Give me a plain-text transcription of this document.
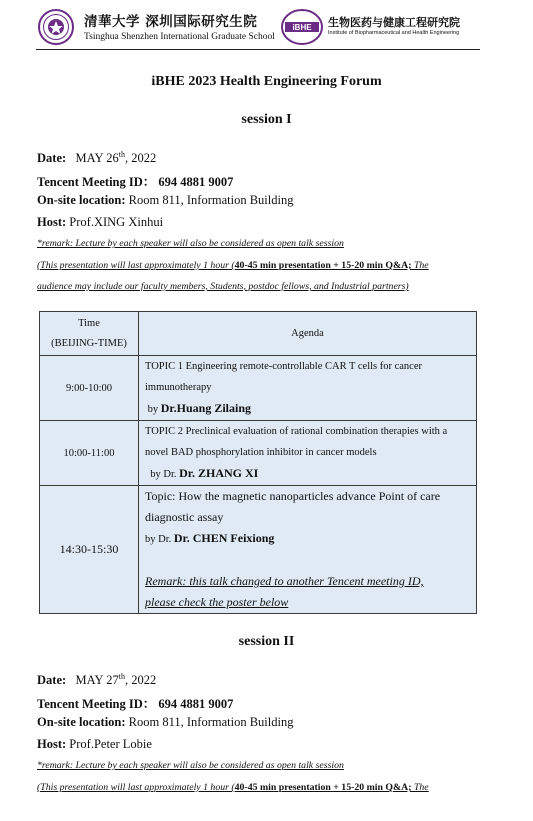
清華大学 深圳国际研究生院
Tsinghua Shenzhen International Graduate School
iBHE 生物医药与健康工程研究院
Institute of Biopharmaceutical and Health Engineering
iBHE 2023 Health Engineering Forum
session I
Date: MAY 26th, 2022
Tencent Meeting ID： 694 4881 9007
On-site location: Room 811, Information Building
Host: Prof.XING Xinhui
*remark: Lecture by each speaker will also be considered as open talk session
(This presentation will last approximately 1 hour (40-45 min presentation + 15-20 min Q&A; The
audience may include our faculty members, Students, postdoc fellows, and Industrial partners)
Time
(BEIJING-TIME)	Agenda
9:00-10:00	TOPIC 1 Engineering remote-controllable CAR T cells for cancer
immunotherapy
by Dr.Huang Zilaing

10:00-11:00	TOPIC 2 Preclinical evaluation of rational combination therapies with a
novel BAD phosphorylation inhibitor in cancer models
by Dr. Dr. ZHANG XI

14:30-15:30	Topic: How the magnetic nanoparticles advance Point of care
diagnostic assay
by Dr. Dr. CHEN Feixiong

Remark: this talk changed to another Tencent meeting ID,
please check the poster below
session II
Date: MAY 27th, 2022
Tencent Meeting ID： 694 4881 9007
On-site location: Room 811, Information Building
Host: Prof.Peter Lobie
*remark: Lecture by each speaker will also be considered as open talk session
(This presentation will last approximately 1 hour (40-45 min presentation + 15-20 min Q&A; The
